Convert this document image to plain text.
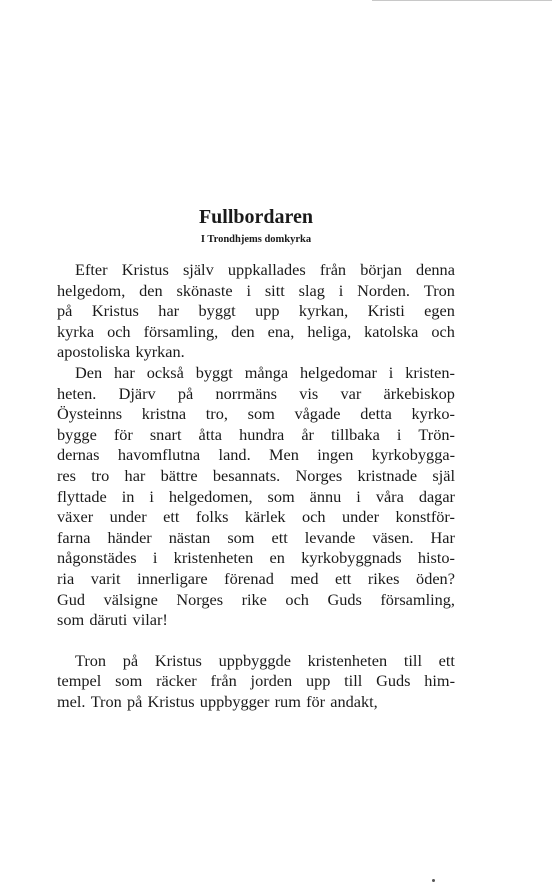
Fullbordaren
I Trondhjems domkyrka
Efter Kristus själv uppkallades från början denna
helgedom, den skönaste i sitt slag i Norden. Tron
på Kristus har byggt upp kyrkan, Kristi egen
kyrka och församling, den ena, heliga, katolska och
apostoliska kyrkan.
Den har också byggt många helgedomar i kristen-
heten. Djärv på norrmäns vis var ärkebiskop
Öysteinns kristna tro, som vågade detta kyrko-
bygge för snart åtta hundra år tillbaka i Trön-
dernas havomflutna land. Men ingen kyrkobygga-
res tro har bättre besannats. Norges kristnade själ
flyttade in i helgedomen, som ännu i våra dagar
växer under ett folks kärlek och under konstför-
farna händer nästan som ett levande väsen. Har
någonstädes i kristenheten en kyrkobyggnads histo-
ria varit innerligare förenad med ett rikes öden?
Gud välsigne Norges rike och Guds församling,
som däruti vilar!
Tron på Kristus uppbyggde kristenheten till ett
tempel som räcker från jorden upp till Guds him-
mel. Tron på Kristus uppbygger rum för andakt,
